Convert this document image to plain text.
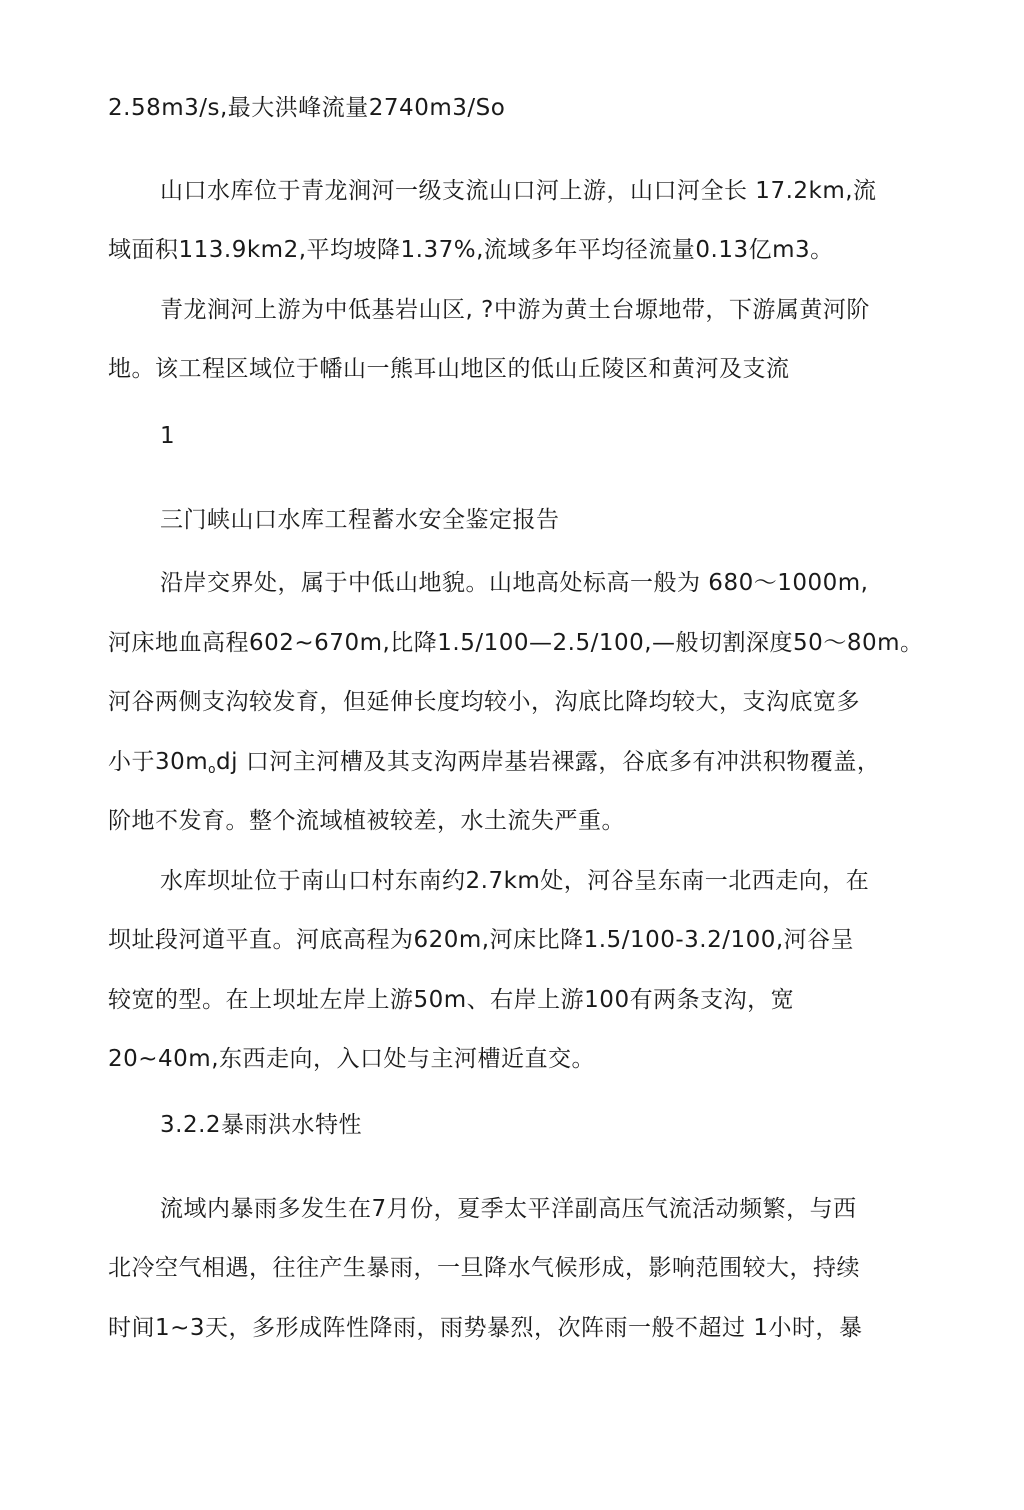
2.58m3/s,最大洪峰流量2740m3/So
山口水库位于青龙涧河一级支流山口河上游，山口河全长 17.2km,流
域面积113.9km2,平均坡降1.37%,流域多年平均径流量0.13亿m3。
青龙涧河上游为中低基岩山区, ?中游为黄土台塬地带，下游属黄河阶
地。该工程区域位于幡山一熊耳山地区的低山丘陵区和黄河及支流
1
三门峡山口水库工程蓄水安全鉴定报告
沿岸交界处，属于中低山地貌。山地高处标高一般为 680～1000m,
河床地血高程602~670m,比降1.5/100—2.5/100,—般切割深度50～80m。
河谷两侧支沟较发育，但延伸长度均较小，沟底比降均较大，支沟底宽多
小于$30m_odj$ 口河主河槽及其支沟两岸基岩裸露，谷底多有冲洪积物覆盖，
阶地不发育。整个流域植被较差，水土流失严重。
水库坝址位于南山口村东南约2.7km处，河谷呈东南一北西走向，在
坝址段河道平直。河底高程为620m,河床比降1.5/100-3.2/100,河谷呈
较宽的型。在上坝址左岸上游50m、右岸上游100有两条支沟，宽
20~40m,东西走向，入口处与主河槽近直交。
3.2.2暴雨洪水特性
流域内暴雨多发生在7月份，夏季太平洋副高压气流活动频繁，与西
北冷空气相遇，往往产生暴雨，一旦降水气候形成，影响范围较大，持续
时间1~3天，多形成阵性降雨，雨势暴烈，次阵雨一般不超过 1小时，暴
